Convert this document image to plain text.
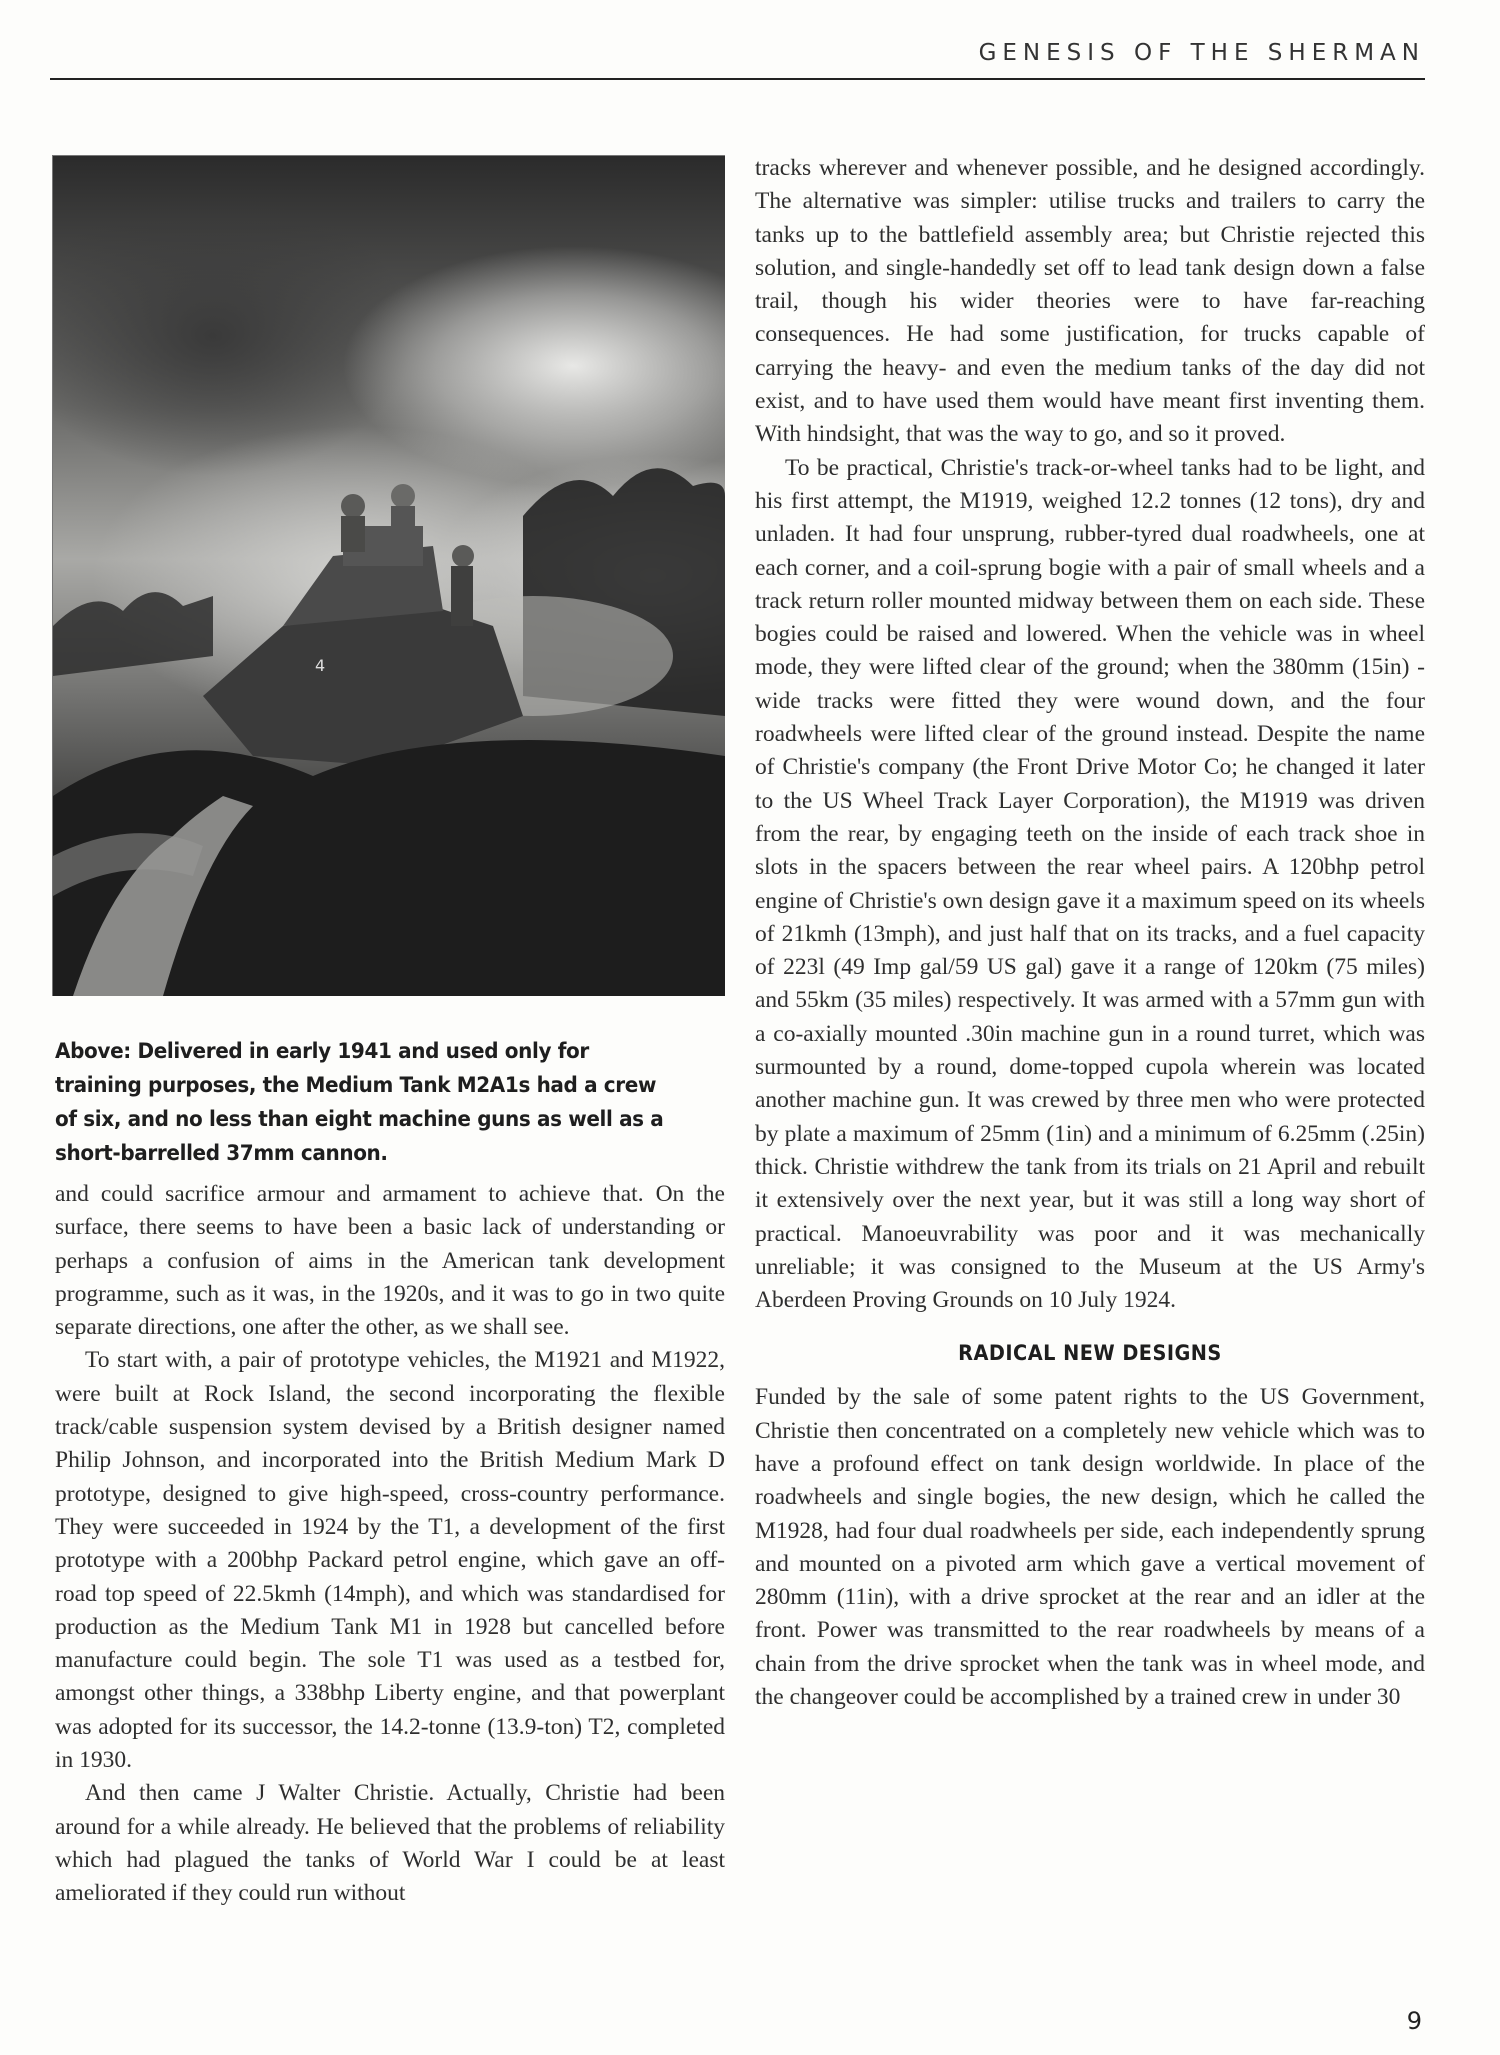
GENESIS OF THE SHERMAN
4
Above: Delivered in early 1941 and used only for training purposes, the Medium Tank M2A1s had a crew of six, and no less than eight machine guns as well as a short-barrelled 37mm cannon.

and could sacrifice armour and armament to achieve that. On the surface, there seems to have been a basic lack of understanding or perhaps a confusion of aims in the American tank development programme, such as it was, in the 1920s, and it was to go in two quite separate directions, one after the other, as we shall see.

To start with, a pair of prototype vehicles, the M1921 and M1922, were built at Rock Island, the second incorporating the flexible track/cable suspension system devised by a British designer named Philip Johnson, and incorporated into the British Medium Mark D prototype, designed to give high-speed, cross-country performance. They were succeeded in 1924 by the T1, a development of the first prototype with a 200bhp Packard petrol engine, which gave an off-road top speed of 22.5kmh (14mph), and which was standardised for production as the Medium Tank M1 in 1928 but cancelled before manufacture could begin. The sole T1 was used as a testbed for, amongst other things, a 338bhp Liberty engine, and that powerplant was adopted for its successor, the 14.2-tonne (13.9-ton) T2, completed in 1930.

And then came J Walter Christie. Actually, Christie had been around for a while already. He believed that the problems of reliability which had plagued the tanks of World War I could be at least ameliorated if they could run without

tracks wherever and whenever possible, and he designed accordingly. The alternative was simpler: utilise trucks and trailers to carry the tanks up to the battlefield assembly area; but Christie rejected this solution, and single-handedly set off to lead tank design down a false trail, though his wider theories were to have far-reaching consequences. He had some justification, for trucks capable of carrying the heavy- and even the medium tanks of the day did not exist, and to have used them would have meant first inventing them. With hindsight, that was the way to go, and so it proved.

To be practical, Christie's track-or-wheel tanks had to be light, and his first attempt, the M1919, weighed 12.2 tonnes (12 tons), dry and unladen. It had four unsprung, rubber-tyred dual roadwheels, one at each corner, and a coil-sprung bogie with a pair of small wheels and a track return roller mounted midway between them on each side. These bogies could be raised and lowered. When the vehicle was in wheel mode, they were lifted clear of the ground; when the 380mm (15in) -wide tracks were fitted they were wound down, and the four roadwheels were lifted clear of the ground instead. Despite the name of Christie's company (the Front Drive Motor Co; he changed it later to the US Wheel Track Layer Corporation), the M1919 was driven from the rear, by engaging teeth on the inside of each track shoe in slots in the spacers between the rear wheel pairs. A 120bhp petrol engine of Christie's own design gave it a maximum speed on its wheels of 21kmh (13mph), and just half that on its tracks, and a fuel capacity of 223l (49 Imp gal/59 US gal) gave it a range of 120km (75 miles) and 55km (35 miles) respectively. It was armed with a 57mm gun with a co-axially mounted .30in machine gun in a round turret, which was surmounted by a round, dome-topped cupola wherein was located another machine gun. It was crewed by three men who were protected by plate a maximum of 25mm (1in) and a minimum of 6.25mm (.25in) thick. Christie withdrew the tank from its trials on 21 April and rebuilt it extensively over the next year, but it was still a long way short of practical. Manoeuvrability was poor and it was mechanically unreliable; it was consigned to the Museum at the US Army's Aberdeen Proving Grounds on 10 July 1924.

RADICAL NEW DESIGNS

Funded by the sale of some patent rights to the US Government, Christie then concentrated on a completely new vehicle which was to have a profound effect on tank design worldwide. In place of the roadwheels and single bogies, the new design, which he called the M1928, had four dual roadwheels per side, each independently sprung and mounted on a pivoted arm which gave a vertical movement of 280mm (11in), with a drive sprocket at the rear and an idler at the front. Power was transmitted to the rear roadwheels by means of a chain from the drive sprocket when the tank was in wheel mode, and the changeover could be accomplished by a trained crew in under 30

9
